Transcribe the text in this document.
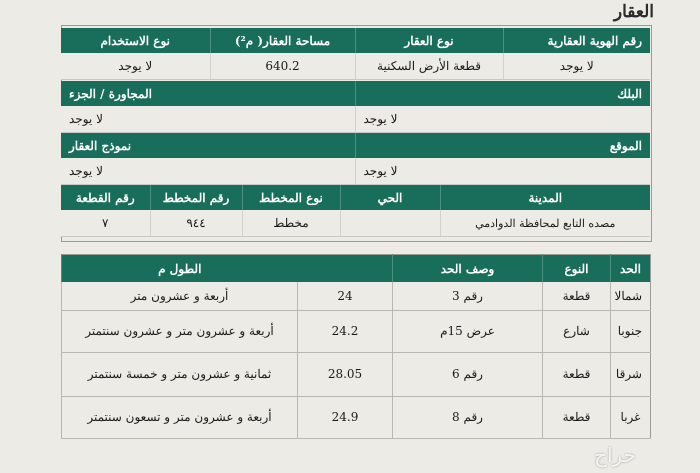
العقار
رقم الهوية العقارية	نوع العقار	مساحة العقار( م²)	نوع الاستخدام
لا يوجد	قطعة الأرض السكنية	640.2	لا يوجد
البلك	المجاورة / الجزء
لا يوجد	لا يوجد
الموقع	نموذج العقار
لا يوجد	لا يوجد
المدينة	الحي	نوع المخطط	رقم المخطط	رقم القطعة
مصده التابع لمحافظة الدوادمي		مخطط	٩٤٤	٧
الحد	النوع	وصف الحد		الطول م
شمالا	قطعة	رقم 3	24	أربعة و عشرون متر
جنوبا	شارع	عرض 15م	24.2	أربعة و عشرون متر و عشرون سنتمتر
شرقا	قطعة	رقم 6	28.05	ثمانية و عشرون متر و خمسة سنتمتر
غربا	قطعة	رقم 8	24.9	أربعة و عشرون متر و تسعون سنتمتر
حراج
